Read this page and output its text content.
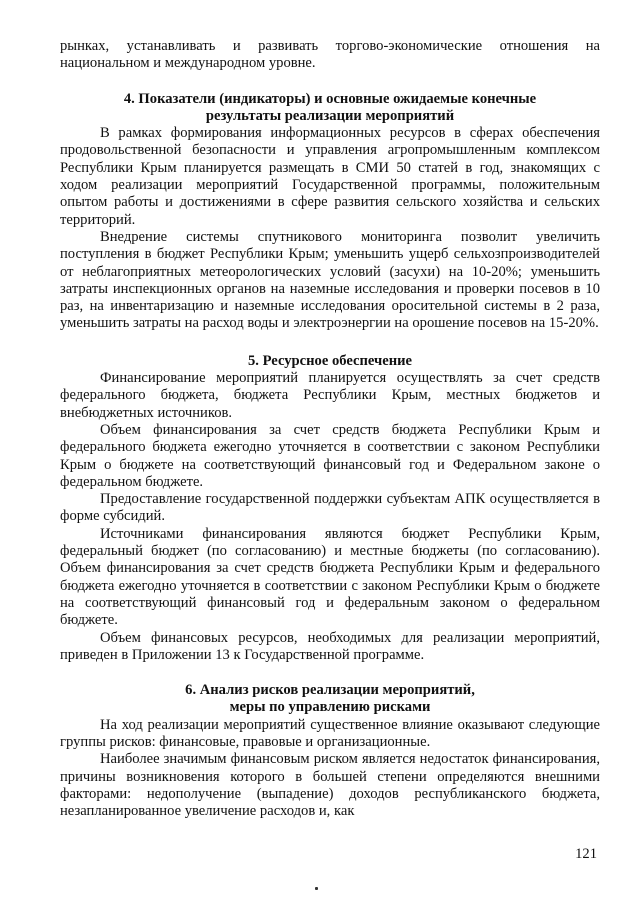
рынках, устанавливать и развивать торгово-экономические отношения на национальном и международном уровне.

4. Показатели (индикаторы) и основные ожидаемые конечные
результаты реализации мероприятий

В рамках формирования информационных ресурсов в сферах обеспечения продовольственной безопасности и управления агропромышленным комплексом Республики Крым планируется размещать в СМИ 50 статей в год, знакомящих с ходом реализации мероприятий Государственной программы, положительным опытом работы и достижениями в сфере развития сельского хозяйства и сельских территорий.

Внедрение системы спутникового мониторинга позволит увеличить поступления в бюджет Республики Крым; уменьшить ущерб сельхозпроизводителей от неблагоприятных метеорологических условий (засухи) на 10-20%; уменьшить затраты инспекционных органов на наземные исследования и проверки посевов в 10 раз, на инвентаризацию и наземные исследования оросительной системы в 2 раза, уменьшить затраты на расход воды и электроэнергии на орошение посевов на 15-20%.

5. Ресурсное обеспечение

Финансирование мероприятий планируется осуществлять за счет средств федерального бюджета, бюджета Республики Крым, местных бюджетов и внебюджетных источников.

Объем финансирования за счет средств бюджета Республики Крым и федерального бюджета ежегодно уточняется в соответствии с законом Республики Крым о бюджете на соответствующий финансовый год и Федеральном законе о федеральном бюджете.

Предоставление государственной поддержки субъектам АПК осуществляется в форме субсидий.

Источниками финансирования являются бюджет Республики Крым, федеральный бюджет (по согласованию) и местные бюджеты (по согласованию). Объем финансирования за счет средств бюджета Республики Крым и федерального бюджета ежегодно уточняется в соответствии с законом Республики Крым о бюджете на соответствующий финансовый год и федеральным законом о федеральном бюджете.

Объем финансовых ресурсов, необходимых для реализации мероприятий, приведен в Приложении 13 к Государственной программе.

6. Анализ рисков реализации мероприятий,
меры по управлению рисками

На ход реализации мероприятий существенное влияние оказывают следующие группы рисков: финансовые, правовые и организационные.

Наиболее значимым финансовым риском является недостаток финансирования, причины возникновения которого в большей степени определяются внешними факторами: недополучение (выпадение) доходов республиканского бюджета, незапланированное увеличение расходов и, как

121
